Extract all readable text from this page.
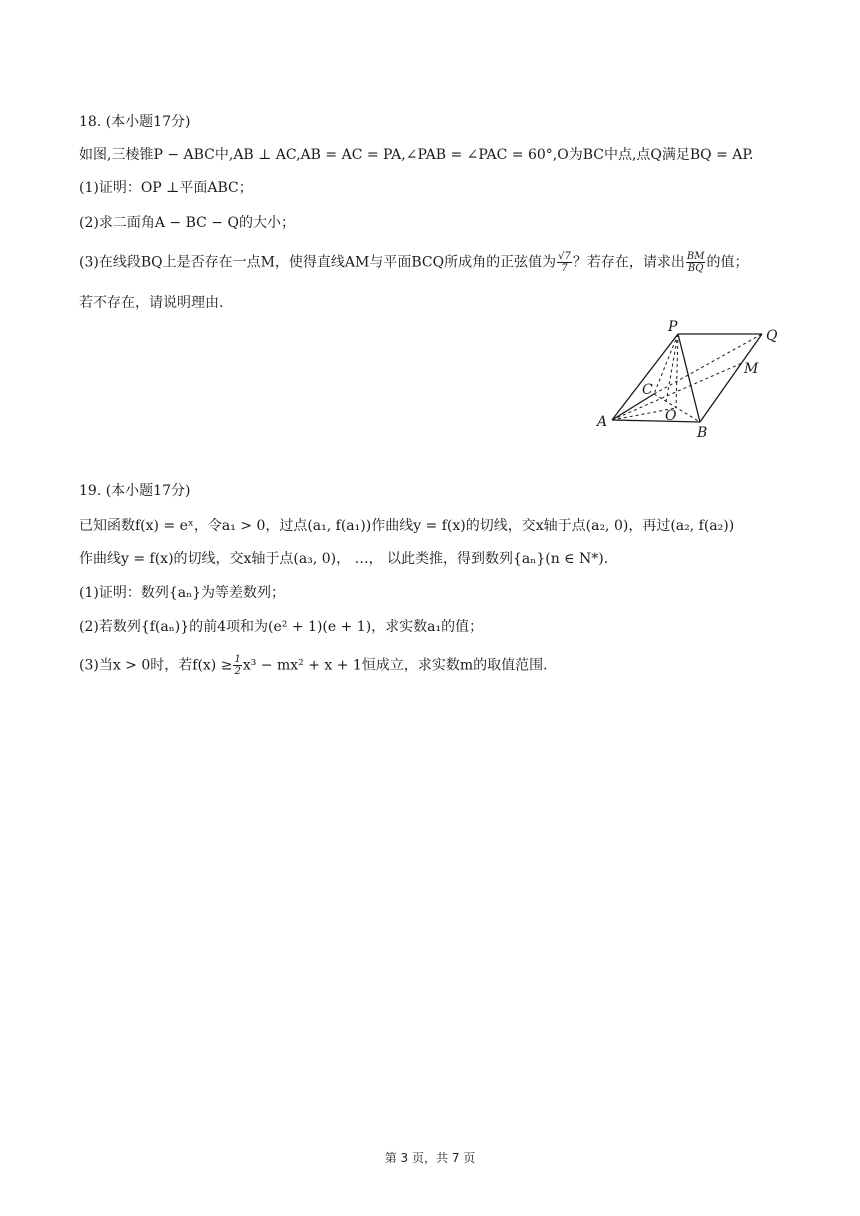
18. (本小题17分)
如图,三棱锥P − ABC中,AB ⊥ AC,AB = AC = PA,∠PAB = ∠PAC = 60°,O为BC中点,点Q满足BQ = AP.
(1)证明：OP ⊥平面ABC；
(2)求二面角A − BC − Q的大小；
(3)在线段BQ上是否存在一点M，使得直线AM与平面BCQ所成角的正弦值为 $\frac{√7}{7}$ ？若存在，请求出 $\frac{BM}{BQ}$ 的值；
若不存在，请说明理由.
P
Q
M
C
O
A
B
19. (本小题17分)
已知函数f(x) = eˣ，令a₁ > 0，过点(a₁, f(a₁))作曲线y = f(x)的切线，交x轴于点(a₂, 0)，再过(a₂, f(a₂))
作曲线y = f(x)的切线，交x轴于点(a₃, 0)， …， 以此类推，得到数列{aₙ}(n ∈ N*).
(1)证明：数列{aₙ}为等差数列；
(2)若数列{f(aₙ)}的前4项和为(e² + 1)(e + 1)，求实数a₁的值；
(3)当x > 0时，若$f(x) \ge \frac{1}{2} x^3 - mx^2 + x + 1$恒成立，求实数m的取值范围.
第 3 页，共 7 页
